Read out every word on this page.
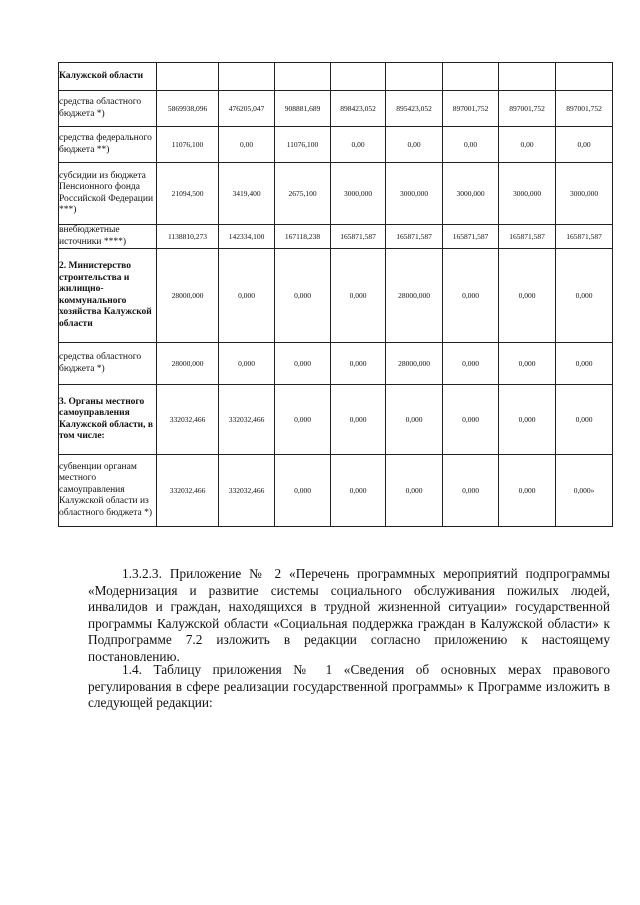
Калужской области								
средства областного бюджета *)	5869938,096	476205,047	908881,689	898423,052	895423,052	897001,752	897001,752	897001,752
средства федерального бюджета **)	11076,100	0,00	11076,100	0,00	0,00	0,00	0,00	0,00
субсидии из бюджета Пенсионного фонда Российской Федерации ***)	21094,500	3419,400	2675,100	3000,000	3000,000	3000,000	3000,000	3000,000
внебюджетные источники ****)	1138810,273	142334,100	167118,238	165871,587	165871,587	165871,587	165871,587	165871,587
2. Министерство строительства и жилищно-коммунального хозяйства Калужской области	28000,000	0,000	0,000	0,000	28000,000	0,000	0,000	0,000
средства областного бюджета *)	28000,000	0,000	0,000	0,000	28000,000	0,000	0,000	0,000
3. Органы местного самоуправления Калужской области, в том числе:	332032,466	332032,466	0,000	0,000	0,000	0,000	0,000	0,000
субвенции органам местного самоуправления Калужской области из областного бюджета *)	332032,466	332032,466	0,000	0,000	0,000	0,000	0,000	0,000»

1.3.2.3. Приложение № 2 «Перечень программных мероприятий подпрограммы «Модернизация и развитие системы социального обслуживания пожилых людей, инвалидов и граждан, находящихся в трудной жизненной ситуации» государственной программы Калужской области «Социальная поддержка граждан в Калужской области» к Подпрограмме 7.2 изложить в редакции согласно приложению к настоящему постановлению.

1.4. Таблицу приложения № 1 «Сведения об основных мерах правового регулирования в сфере реализации государственной программы» к Программе изложить в следующей редакции:
